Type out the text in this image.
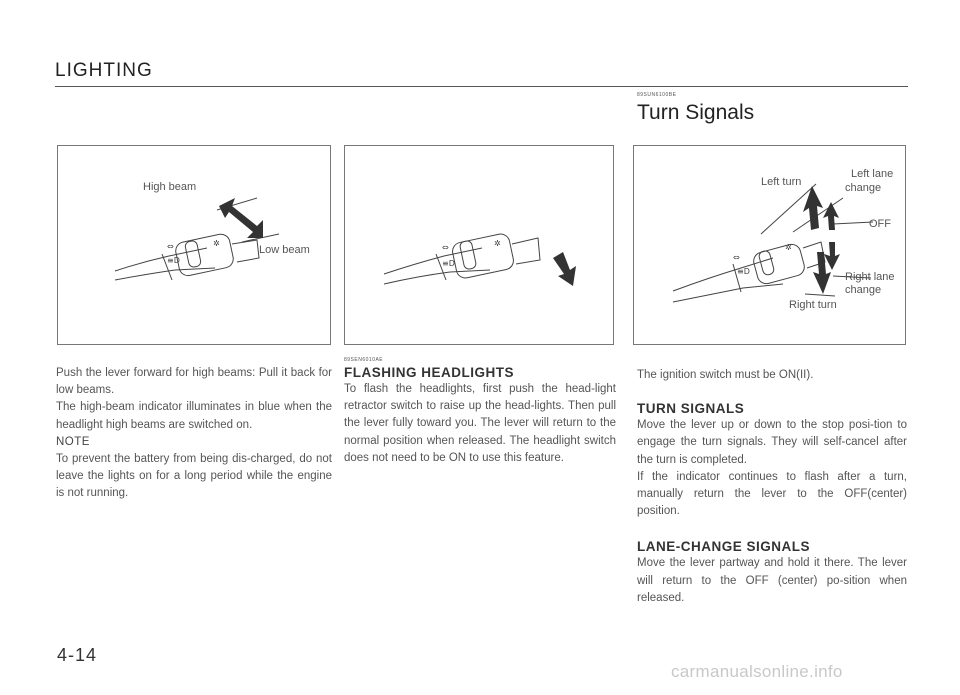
LIGHTING
89SUN6100BE
Turn Signals
⇔
≡D
✲
High beam
Low beam	⇔
≡D
✲
⇔
≡D
✲
Left turn
Left lane
change
OFF
Right lane
change
Right turn

Push the lever forward for high beams: Pull it back for low beams.

The high-beam indicator illuminates in blue when the headlight high beams are switched on.

NOTE

To prevent the battery from being dis-charged, do not leave the lights on for a long period while the engine is not running.

89SEN6010AE

FLASHING HEADLIGHTS

To flash the headlights, first push the head-light retractor switch to raise up the head-lights. Then pull the lever fully toward you. The lever will return to the normal position when released. The headlight switch does not need to be ON to use this feature.

The ignition switch must be ON(II).

TURN SIGNALS

Move the lever up or down to the stop posi-tion to engage the turn signals. They will self-cancel after the turn is completed.

If the indicator continues to flash after a turn, manually return the lever to the OFF(center) position.

LANE-CHANGE SIGNALS

Move the lever partway and hold it there. The lever will return to the OFF (center) po-sition when released.

4-14
carmanualsonline.info
